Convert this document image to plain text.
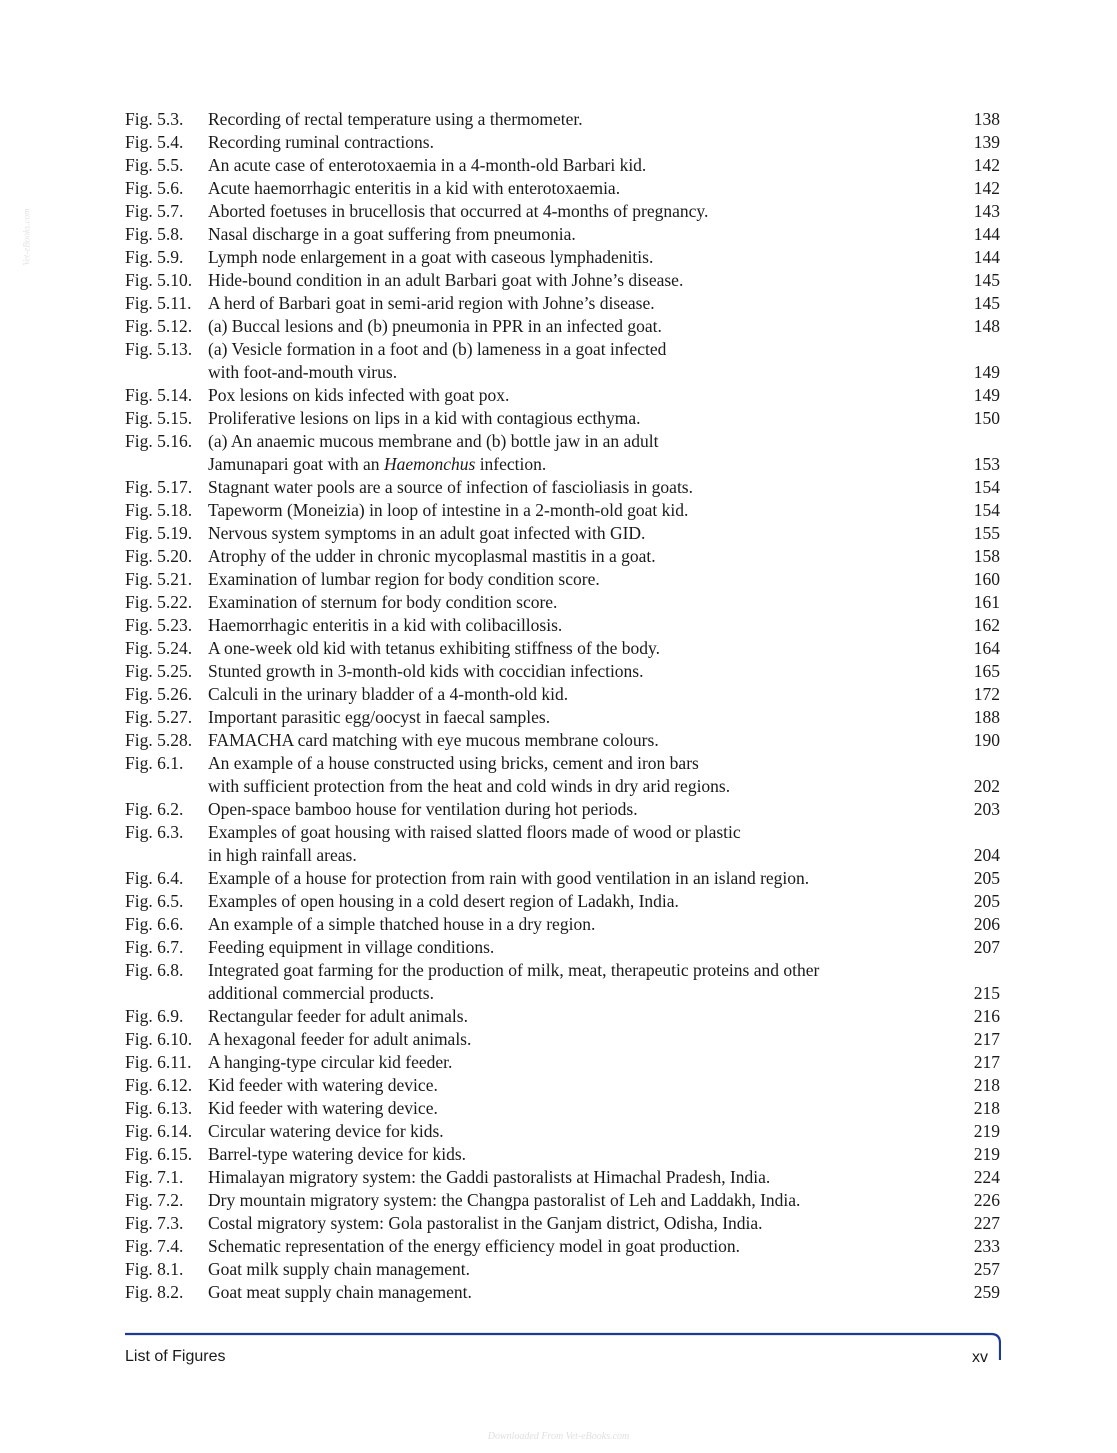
Vet-eBooks.com
Fig. 5.3.	Recording of rectal temperature using a thermometer.	138
Fig. 5.4.	Recording ruminal contractions.	139
Fig. 5.5.	An acute case of enterotoxaemia in a 4-month-old Barbari kid.	142
Fig. 5.6.	Acute haemorrhagic enteritis in a kid with enterotoxaemia.	142
Fig. 5.7.	Aborted foetuses in brucellosis that occurred at 4-months of pregnancy.	143
Fig. 5.8.	Nasal discharge in a goat suffering from pneumonia.	144
Fig. 5.9.	Lymph node enlargement in a goat with caseous lymphadenitis.	144
Fig. 5.10. Hide-bound condition in an adult Barbari goat with Johne’s disease.	145
Fig. 5.11. A herd of Barbari goat in semi-arid region with Johne’s disease.	145
Fig. 5.12. (a) Buccal lesions and (b) pneumonia in PPR in an infected goat.	148
Fig. 5.13. (a) Vesicle formation in a foot and (b) lameness in a goat infected
with foot-and-mouth virus.	149
Fig. 5.14. Pox lesions on kids infected with goat pox.	149
Fig. 5.15. Proliferative lesions on lips in a kid with contagious ecthyma.	150
Fig. 5.16. (a) An anaemic mucous membrane and (b) bottle jaw in an adult
Jamunapari goat with an Haemonchus infection.	153
Fig. 5.17. Stagnant water pools are a source of infection of fascioliasis in goats.	154
Fig. 5.18. Tapeworm (Moneizia) in loop of intestine in a 2-month-old goat kid.	154
Fig. 5.19. Nervous system symptoms in an adult goat infected with GID.	155
Fig. 5.20. Atrophy of the udder in chronic mycoplasmal mastitis in a goat.	158
Fig. 5.21. Examination of lumbar region for body condition score.	160
Fig. 5.22. Examination of sternum for body condition score.	161
Fig. 5.23. Haemorrhagic enteritis in a kid with colibacillosis.	162
Fig. 5.24. A one-week old kid with tetanus exhibiting stiffness of the body.	164
Fig. 5.25. Stunted growth in 3-month-old kids with coccidian infections.	165
Fig. 5.26. Calculi in the urinary bladder of a 4-month-old kid.	172
Fig. 5.27. Important parasitic egg/oocyst in faecal samples.	188
Fig. 5.28. FAMACHA card matching with eye mucous membrane colours.	190
Fig. 6.1.	An example of a house constructed using bricks, cement and iron bars
with sufficient protection from the heat and cold winds in dry arid regions.	202
Fig. 6.2.	Open-space bamboo house for ventilation during hot periods.	203
Fig. 6.3.	Examples of goat housing with raised slatted floors made of wood or plastic
in high rainfall areas.	204
Fig. 6.4.	Example of a house for protection from rain with good ventilation in an island region.	205
Fig. 6.5.	Examples of open housing in a cold desert region of Ladakh, India.	205
Fig. 6.6.	An example of a simple thatched house in a dry region.	206
Fig. 6.7.	Feeding equipment in village conditions.	207
Fig. 6.8.	Integrated goat farming for the production of milk, meat, therapeutic proteins and other
additional commercial products.	215
Fig. 6.9.	Rectangular feeder for adult animals.	216
Fig. 6.10. A hexagonal feeder for adult animals.	217
Fig. 6.11. A hanging-type circular kid feeder.	217
Fig. 6.12. Kid feeder with watering device.	218
Fig. 6.13. Kid feeder with watering device.	218
Fig. 6.14. Circular watering device for kids.	219
Fig. 6.15. Barrel-type watering device for kids.	219
Fig. 7.1.	Himalayan migratory system: the Gaddi pastoralists at Himachal Pradesh, India.	224
Fig. 7.2.	Dry mountain migratory system: the Changpa pastoralist of Leh and Laddakh, India.	226
Fig. 7.3.	Costal migratory system: Gola pastoralist in the Ganjam district, Odisha, India.	227
Fig. 7.4.	Schematic representation of the energy efficiency model in goat production.	233
Fig. 8.1.	Goat milk supply chain management.	257
Fig. 8.2.	Goat meat supply chain management.	259
List of Figures	xv
Downloaded From Vet-eBooks.com
